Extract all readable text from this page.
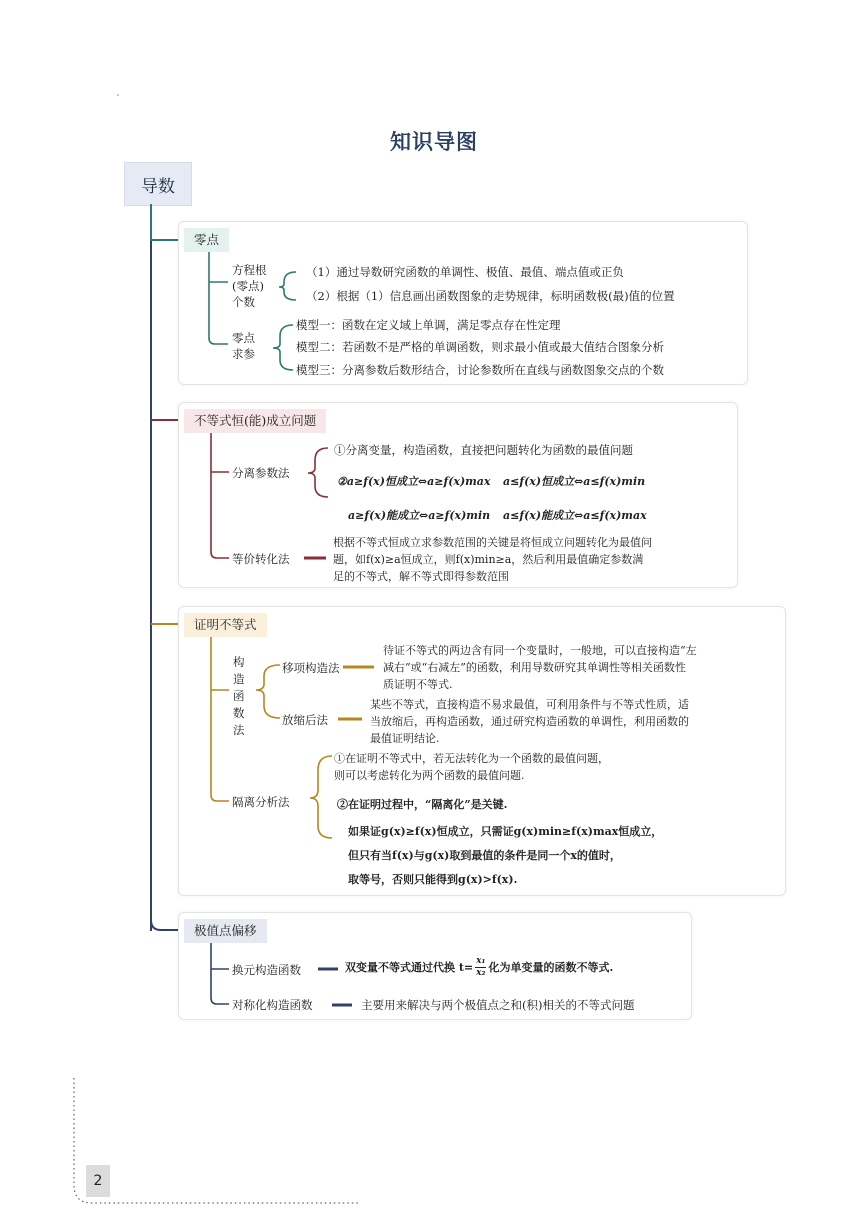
知识导图
导数
零点
方程根
(零点)
个数
（1）通过导数研究函数的单调性、极值、最值、端点值或正负
（2）根据（1）信息画出函数图象的走势规律，标明函数极(最)值的位置
零点
求参
模型一：函数在定义域上单调，满足零点存在性定理
模型二：若函数不是严格的单调函数，则求最小值或最大值结合图象分析
模型三：分离参数后数形结合，讨论参数所在直线与函数图象交点的个数
不等式恒(能)成立问题
分离参数法
①分离变量，构造函数，直接把问题转化为函数的最值问题
②a≥f(x)恒成立⇔a≥f(x)max a≤f(x)恒成立⇔a≤f(x)min
a≥f(x)能成立⇔a≥f(x)min a≤f(x)能成立⇔a≤f(x)max
等价转化法
根据不等式恒成立求参数范围的关键是将恒成立问题转化为最值问
题，如f(x)≥a恒成立，则f(x)min≥a，然后利用最值确定参数满
足的不等式，解不等式即得参数范围
证明不等式
构
造
函
数
法
移项构造法
待证不等式的两边含有同一个变量时，一般地，可以直接构造“左
减右”或“右减左”的函数，利用导数研究其单调性等相关函数性
质证明不等式.
放缩后法
某些不等式，直接构造不易求最值，可利用条件与不等式性质，适
当放缩后，再构造函数，通过研究构造函数的单调性，利用函数的
最值证明结论.
隔离分析法
①在证明不等式中，若无法转化为一个函数的最值问题，
则可以考虑转化为两个函数的最值问题.
②在证明过程中，“隔离化”是关键.
如果证g(x)≥f(x)恒成立，只需证g(x)min≥f(x)max恒成立，
但只有当f(x)与g(x)取到最值的条件是同一个x的值时，
取等号，否则只能得到g(x)>f(x).
极值点偏移
换元构造函数	双变量不等式通过代换 $t= \frac{\text{x₁}}{\text{x₂}}$ 化为单变量的函数不等式.
对称化构造函数	主要用来解决与两个极值点之和(积)相关的不等式问题
2
